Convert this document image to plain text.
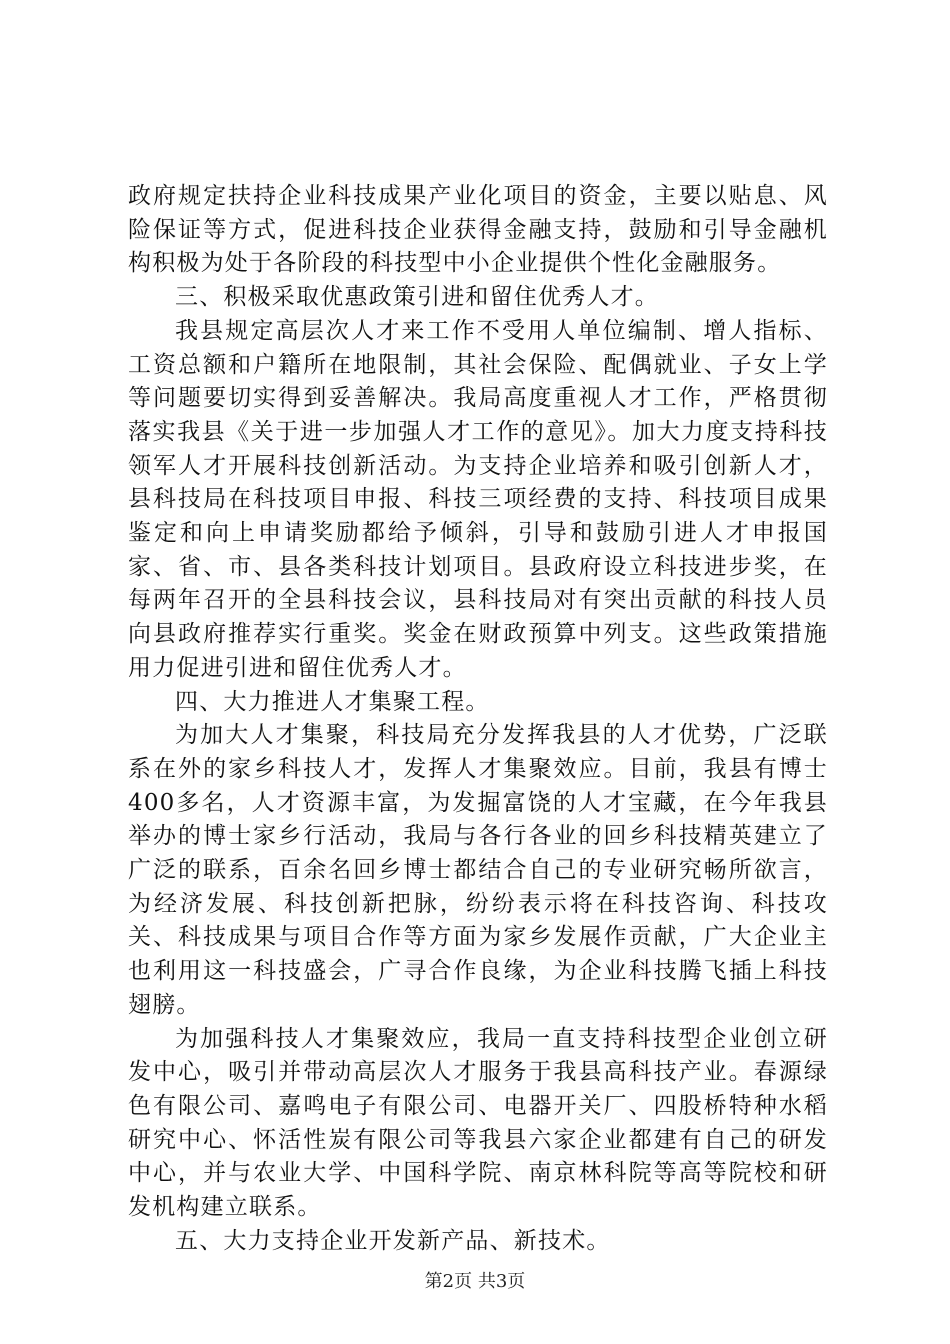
政府规定扶持企业科技成果产业化项目的资金，主要以贴息、风险保证等方式，促进科技企业获得金融支持，鼓励和引导金融机构积极为处于各阶段的科技型中小企业提供个性化金融服务。

三、积极采取优惠政策引进和留住优秀人才。

我县规定高层次人才来工作不受用人单位编制、增人指标、工资总额和户籍所在地限制，其社会保险、配偶就业、子女上学等问题要切实得到妥善解决。我局高度重视人才工作，严格贯彻落实我县《关于进一步加强人才工作的意见》。加大力度支持科技领军人才开展科技创新活动。为支持企业培养和吸引创新人才，县科技局在科技项目申报、科技三项经费的支持、科技项目成果鉴定和向上申请奖励都给予倾斜，引导和鼓励引进人才申报国家、省、市、县各类科技计划项目。县政府设立科技进步奖，在每两年召开的全县科技会议，县科技局对有突出贡献的科技人员向县政府推荐实行重奖。奖金在财政预算中列支。这些政策措施用力促进引进和留住优秀人才。

四、大力推进人才集聚工程。

为加大人才集聚，科技局充分发挥我县的人才优势，广泛联系在外的家乡科技人才，发挥人才集聚效应。目前，我县有博士400多名，人才资源丰富，为发掘富饶的人才宝藏，在今年我县举办的博士家乡行活动，我局与各行各业的回乡科技精英建立了广泛的联系，百余名回乡博士都结合自己的专业研究畅所欲言，为经济发展、科技创新把脉，纷纷表示将在科技咨询、科技攻关、科技成果与项目合作等方面为家乡发展作贡献，广大企业主也利用这一科技盛会，广寻合作良缘，为企业科技腾飞插上科技翅膀。

为加强科技人才集聚效应，我局一直支持科技型企业创立研发中心，吸引并带动高层次人才服务于我县高科技产业。春源绿色有限公司、嘉鸣电子有限公司、电器开关厂、四股桥特种水稻研究中心、怀活性炭有限公司等我县六家企业都建有自己的研发中心，并与农业大学、中国科学院、南京林科院等高等院校和研发机构建立联系。

五、大力支持企业开发新产品、新技术。

第2页 共3页
